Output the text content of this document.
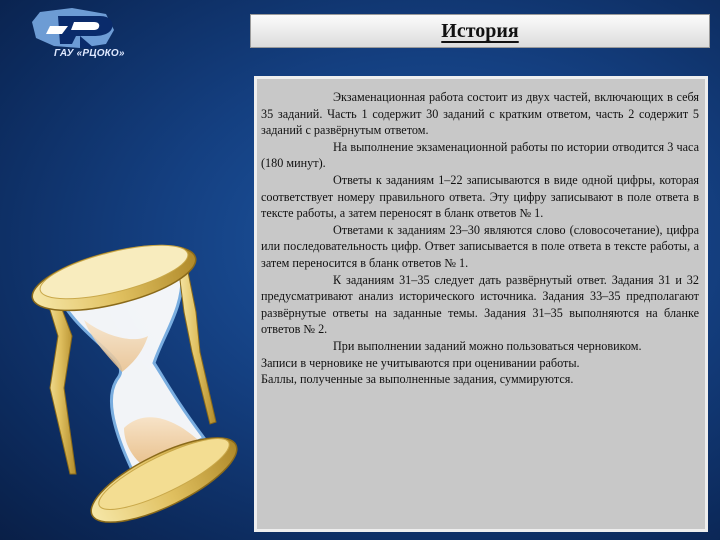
ГАУ «РЦОКО»
История

Экзаменационная работа состоит из двух частей, включающих в себя 35 заданий. Часть 1 содержит 30 заданий с кратким ответом, часть 2 содержит 5 заданий с развёрнутым ответом.

На выполнение экзаменационной работы по истории отводится 3 часа (180 минут).

Ответы к заданиям 1–22 записываются в виде одной цифры, которая соответствует номеру правильного ответа. Эту цифру записывают в поле ответа в тексте работы, а затем переносят в бланк ответов № 1.

Ответами к заданиям 23–30 являются слово (словосочетание), цифра или последовательность цифр. Ответ записывается в поле ответа в тексте работы, а затем переносится в бланк ответов № 1.

К заданиям 31–35 следует дать развёрнутый ответ. Задания 31 и 32 предусматривают анализ исторического источника. Задания 33–35 предполагают развёрнутые ответы на заданные темы. Задания 31–35 выполняются на бланке ответов № 2.

При выполнении заданий можно пользоваться черновиком.

Записи в черновике не учитываются при оценивании работы.

Баллы, полученные за выполненные задания, суммируются.
